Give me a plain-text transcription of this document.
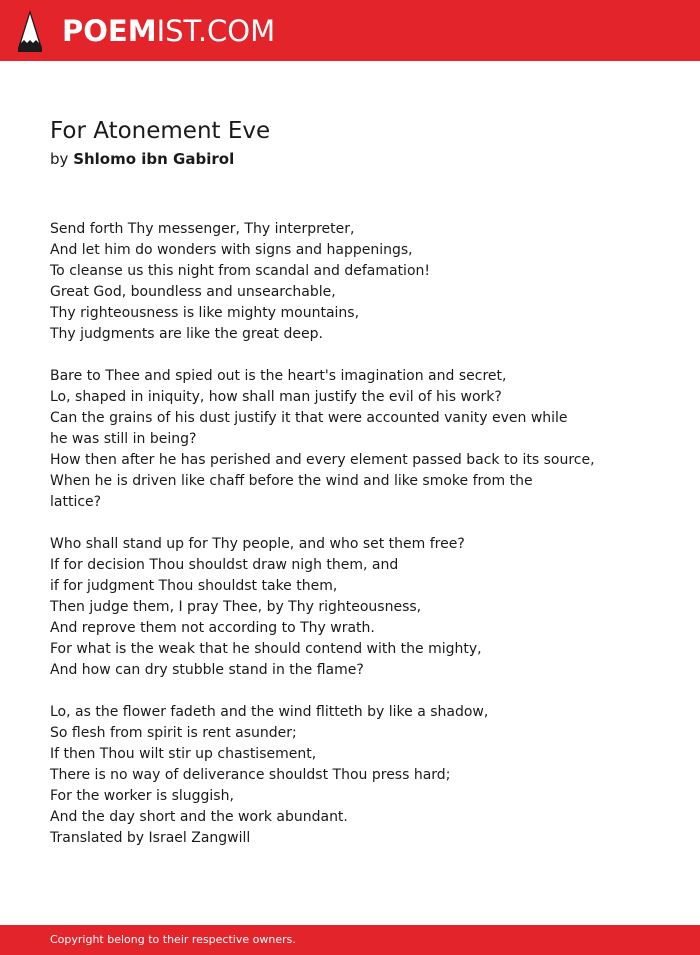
POEMIST.COM
For Atonement Eve
by Shlomo ibn Gabirol
Send forth Thy messenger, Thy interpreter,
And let him do wonders with signs and happenings,
To cleanse us this night from scandal and defamation!
Great God, boundless and unsearchable,
Thy righteousness is like mighty mountains,
Thy judgments are like the great deep.
Bare to Thee and spied out is the heart's imagination and secret,
Lo, shaped in iniquity, how shall man justify the evil of his work?
Can the grains of his dust justify it that were accounted vanity even while
he was still in being?
How then after he has perished and every element passed back to its source,
When he is driven like chaff before the wind and like smoke from the
lattice?
Who shall stand up for Thy people, and who set them free?
If for decision Thou shouldst draw nigh them, and
if for judgment Thou shouldst take them,
Then judge them, I pray Thee, by Thy righteousness,
And reprove them not according to Thy wrath.
For what is the weak that he should contend with the mighty,
And how can dry stubble stand in the flame?
Lo, as the flower fadeth and the wind flitteth by like a shadow,
So flesh from spirit is rent asunder;
If then Thou wilt stir up chastisement,
There is no way of deliverance shouldst Thou press hard;
For the worker is sluggish,
And the day short and the work abundant.
Translated by Israel Zangwill
Copyright belong to their respective owners.
